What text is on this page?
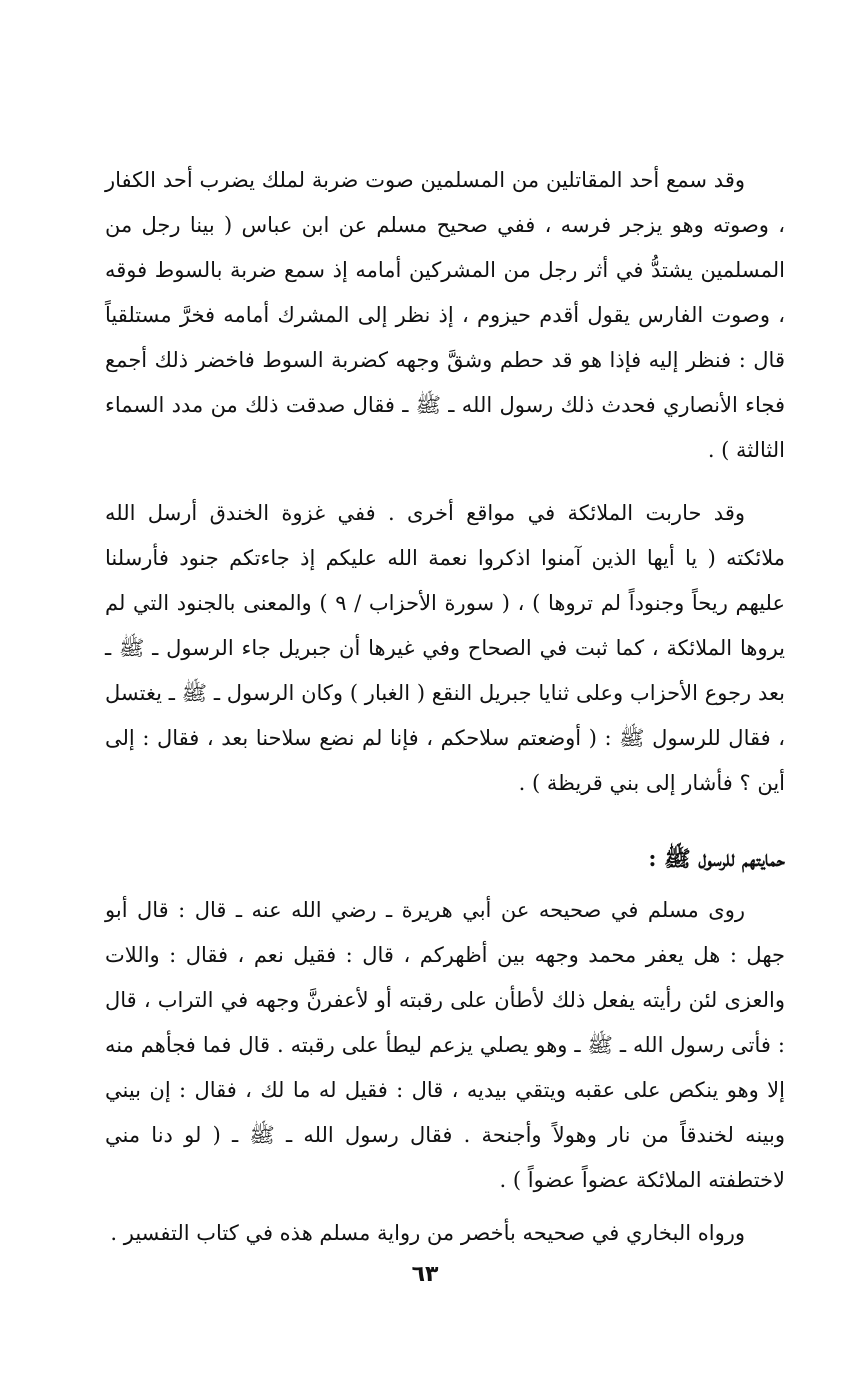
وقد سمع أحد المقاتلين من المسلمين صوت ضربة لملك يضرب أحد الكفار ، وصوته وهو يزجر فرسه ، ففي صحيح مسلم عن ابن عباس ( بينا رجل من المسلمين يشتدُّ في أثر رجل من المشركين أمامه إذ سمع ضربة بالسوط فوقه ، وصوت الفارس يقول أقدم حيزوم ، إذ نظر إلى المشرك أمامه فخرَّ مستلقياً قال : فنظر إليه فإذا هو قد حطم وشقَّ وجهه كضربة السوط فاخضر ذلك أجمع فجاء الأنصاري فحدث ذلك رسول الله ـ ﷺ ـ فقال صدقت ذلك من مدد السماء الثالثة ) .

وقد حاربت الملائكة في مواقع أخرى . ففي غزوة الخندق أرسل الله ملائكته ( يا أيها الذين آمنوا اذكروا نعمة الله عليكم إذ جاءتكم جنود فأرسلنا عليهم ريحاً وجنوداً لم تروها ) ، ( سورة الأحزاب / ٩ ) والمعنى بالجنود التي لم يروها الملائكة ، كما ثبت في الصحاح وفي غيرها أن جبريل جاء الرسول ـ ﷺ ـ بعد رجوع الأحزاب وعلى ثنايا جبريل النقع ( الغبار ) وكان الرسول ـ ﷺ ـ يغتسل ، فقال للرسول ﷺ : ( أوضعتم سلاحكم ، فإنا لم نضع سلاحنا بعد ، فقال : إلى أين ؟ فأشار إلى بني قريظة ) .

حمايتهم للرسول ﷺ :

روى مسلم في صحيحه عن أبي هريرة ـ رضي الله عنه ـ قال : قال أبو جهل : هل يعفر محمد وجهه بين أظهركم ، قال : فقيل نعم ، فقال : واللات والعزى لئن رأيته يفعل ذلك لأطأن على رقبته أو لأعفرنَّ وجهه في التراب ، قال : فأتى رسول الله ـ ﷺ ـ وهو يصلي يزعم ليطأ على رقبته . قال فما فجأهم منه إلا وهو ينكص على عقبه ويتقي بيديه ، قال : فقيل له ما لك ، فقال : إن بيني وبينه لخندقاً من نار وهولاً وأجنحة . فقال رسول الله ـ ﷺ ـ ( لو دنا مني لاختطفته الملائكة عضواً عضواً ) .

ورواه البخاري في صحيحه بأخصر من رواية مسلم هذه في كتاب التفسير .

٦٣
